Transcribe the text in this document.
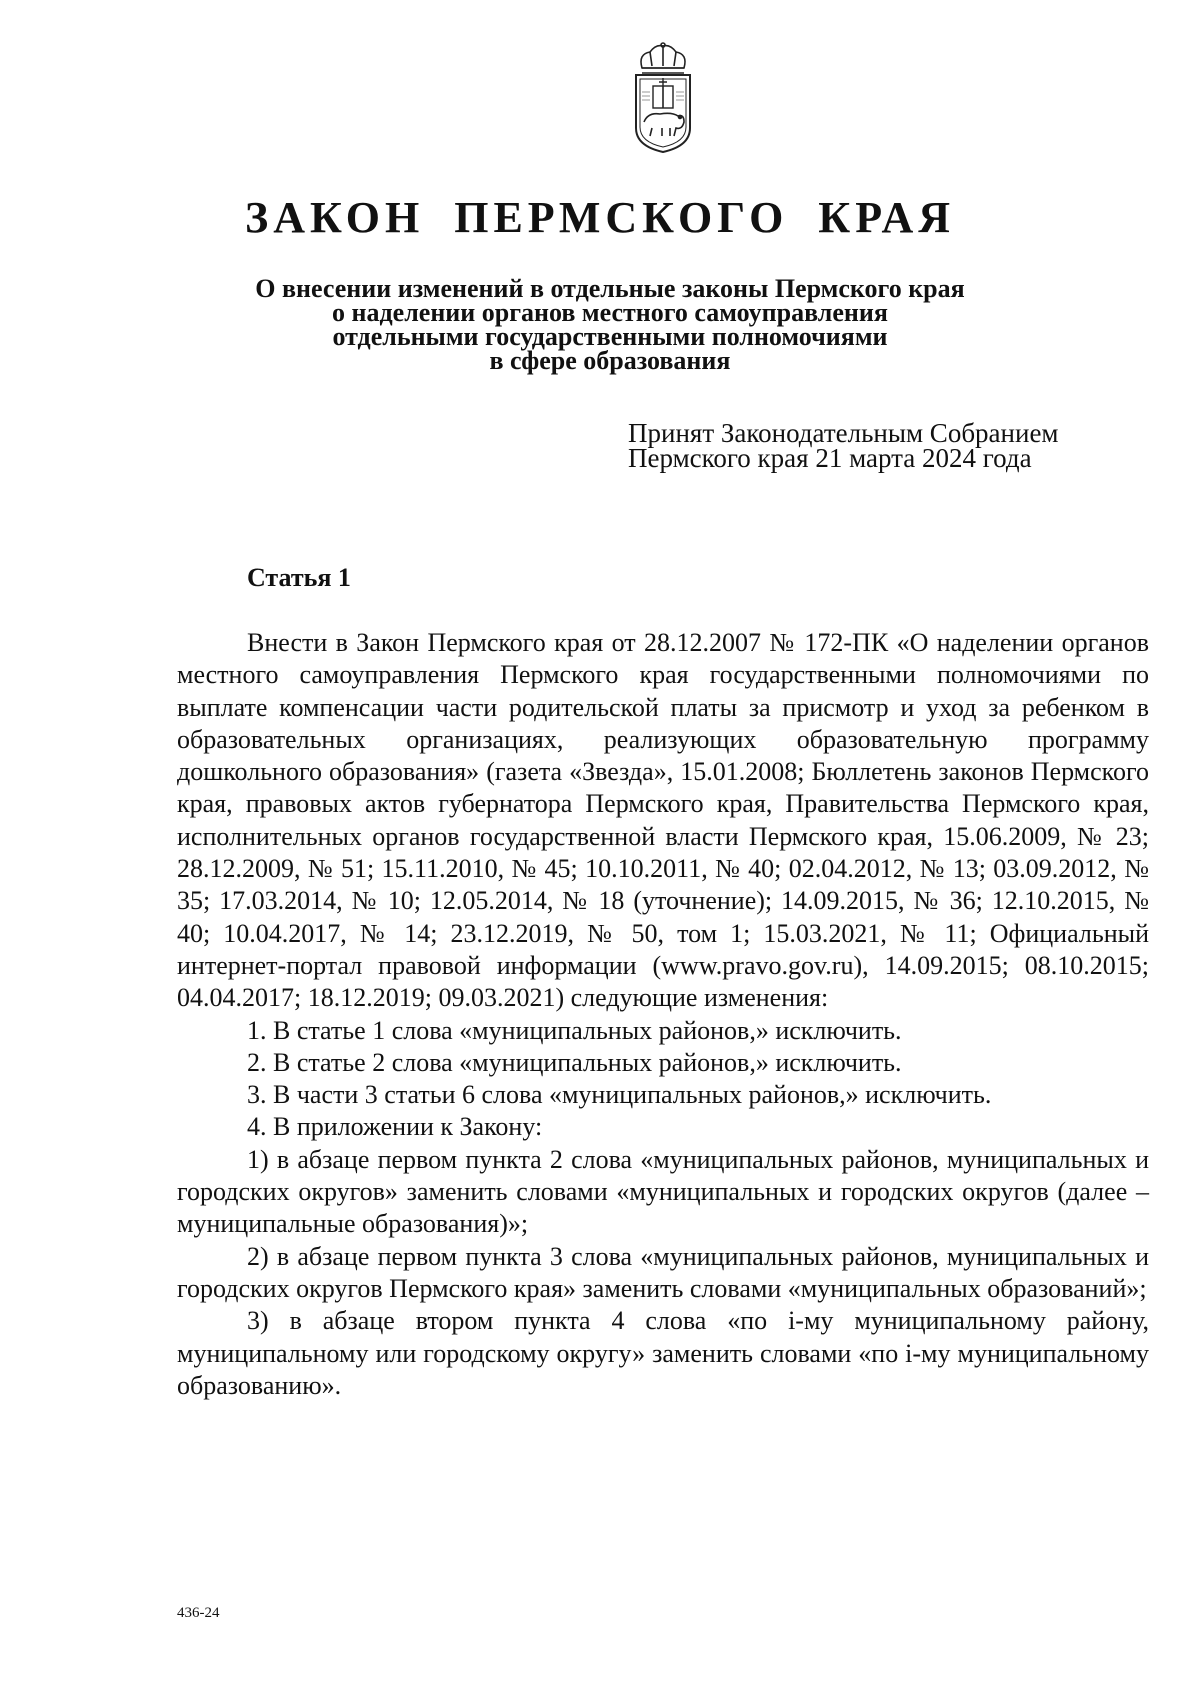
ЗАКОН ПЕРМСКОГО КРАЯ
О внесении изменений в отдельные законы Пермского края
о наделении органов местного самоуправления
отдельными государственными полномочиями
в сфере образования
Принят Законодательным Собранием
Пермского края 21 марта 2024 года
Статья 1

Внести в Закон Пермского края от 28.12.2007 № 172-ПК «О наделении органов местного самоуправления Пермского края государственными полномочиями по выплате компенсации части родительской платы за присмотр и уход за ребенком в образовательных организациях, реализующих образовательную программу дошкольного образования» (газета «Звезда», 15.01.2008; Бюллетень законов Пермского края, правовых актов губернатора Пермского края, Правительства Пермского края, исполнительных органов государственной власти Пермского края, 15.06.2009, № 23; 28.12.2009, № 51; 15.11.2010, № 45; 10.10.2011, № 40; 02.04.2012, № 13; 03.09.2012, № 35; 17.03.2014, № 10; 12.05.2014, № 18 (уточнение); 14.09.2015, № 36; 12.10.2015, № 40; 10.04.2017, № 14; 23.12.2019, № 50, том 1; 15.03.2021, № 11; Официальный интернет-портал правовой информации (www.pravo.gov.ru), 14.09.2015; 08.10.2015; 04.04.2017; 18.12.2019; 09.03.2021) следующие изменения:

1. В статье 1 слова «муниципальных районов,» исключить.

2. В статье 2 слова «муниципальных районов,» исключить.

3. В части 3 статьи 6 слова «муниципальных районов,» исключить.

4. В приложении к Закону:

1) в абзаце первом пункта 2 слова «муниципальных районов, муниципальных и городских округов» заменить словами «муниципальных и городских округов (далее – муниципальные образования)»;

2) в абзаце первом пункта 3 слова «муниципальных районов, муниципальных и городских округов Пермского края» заменить словами «муниципальных образований»;

3) в абзаце втором пункта 4 слова «по i-му муниципальному району, муниципальному или городскому округу» заменить словами «по i-му муниципальному образованию».

436-24
